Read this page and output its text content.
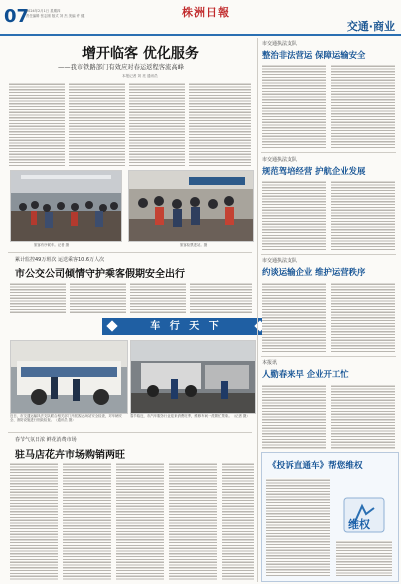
07
2024年2月1日 星期四
责任编辑 张志刚 版式 刘 杰 美编 许 健	株洲日報
交通·商业
增开临客 优化服务
——我市铁路部门有效应对春运返程客流高峰
本报记者 刘 亮 通讯员
旅客有序候车。记者 摄	旅客检票进站。摄
累计监控49万班次 运送乘客10.6万人次
市公交公司倾情守护乘客假期安全出行
车 行 天 下
近日，市交通运输执法支队联合相关部门开展客运场站安全检查，对车辆安全、消防设施进行细致检查。（通讯员 摄）
春节临近，市汽车服务行业迎来消费旺季，维修车间一派繁忙景象。（记者 摄）
春节气氛日浓 鲜花消费市场
驻马店花卉市场购销两旺
市交通执法支队
整治非法营运 保障运输安全
市交通执法支队
规范驾培经营 护航企业发展
市交通执法支队
约谈运输企业 维护运营秩序
本报讯
人勤春来早 企业开工忙
《投诉直通车》帮您维权
维权
